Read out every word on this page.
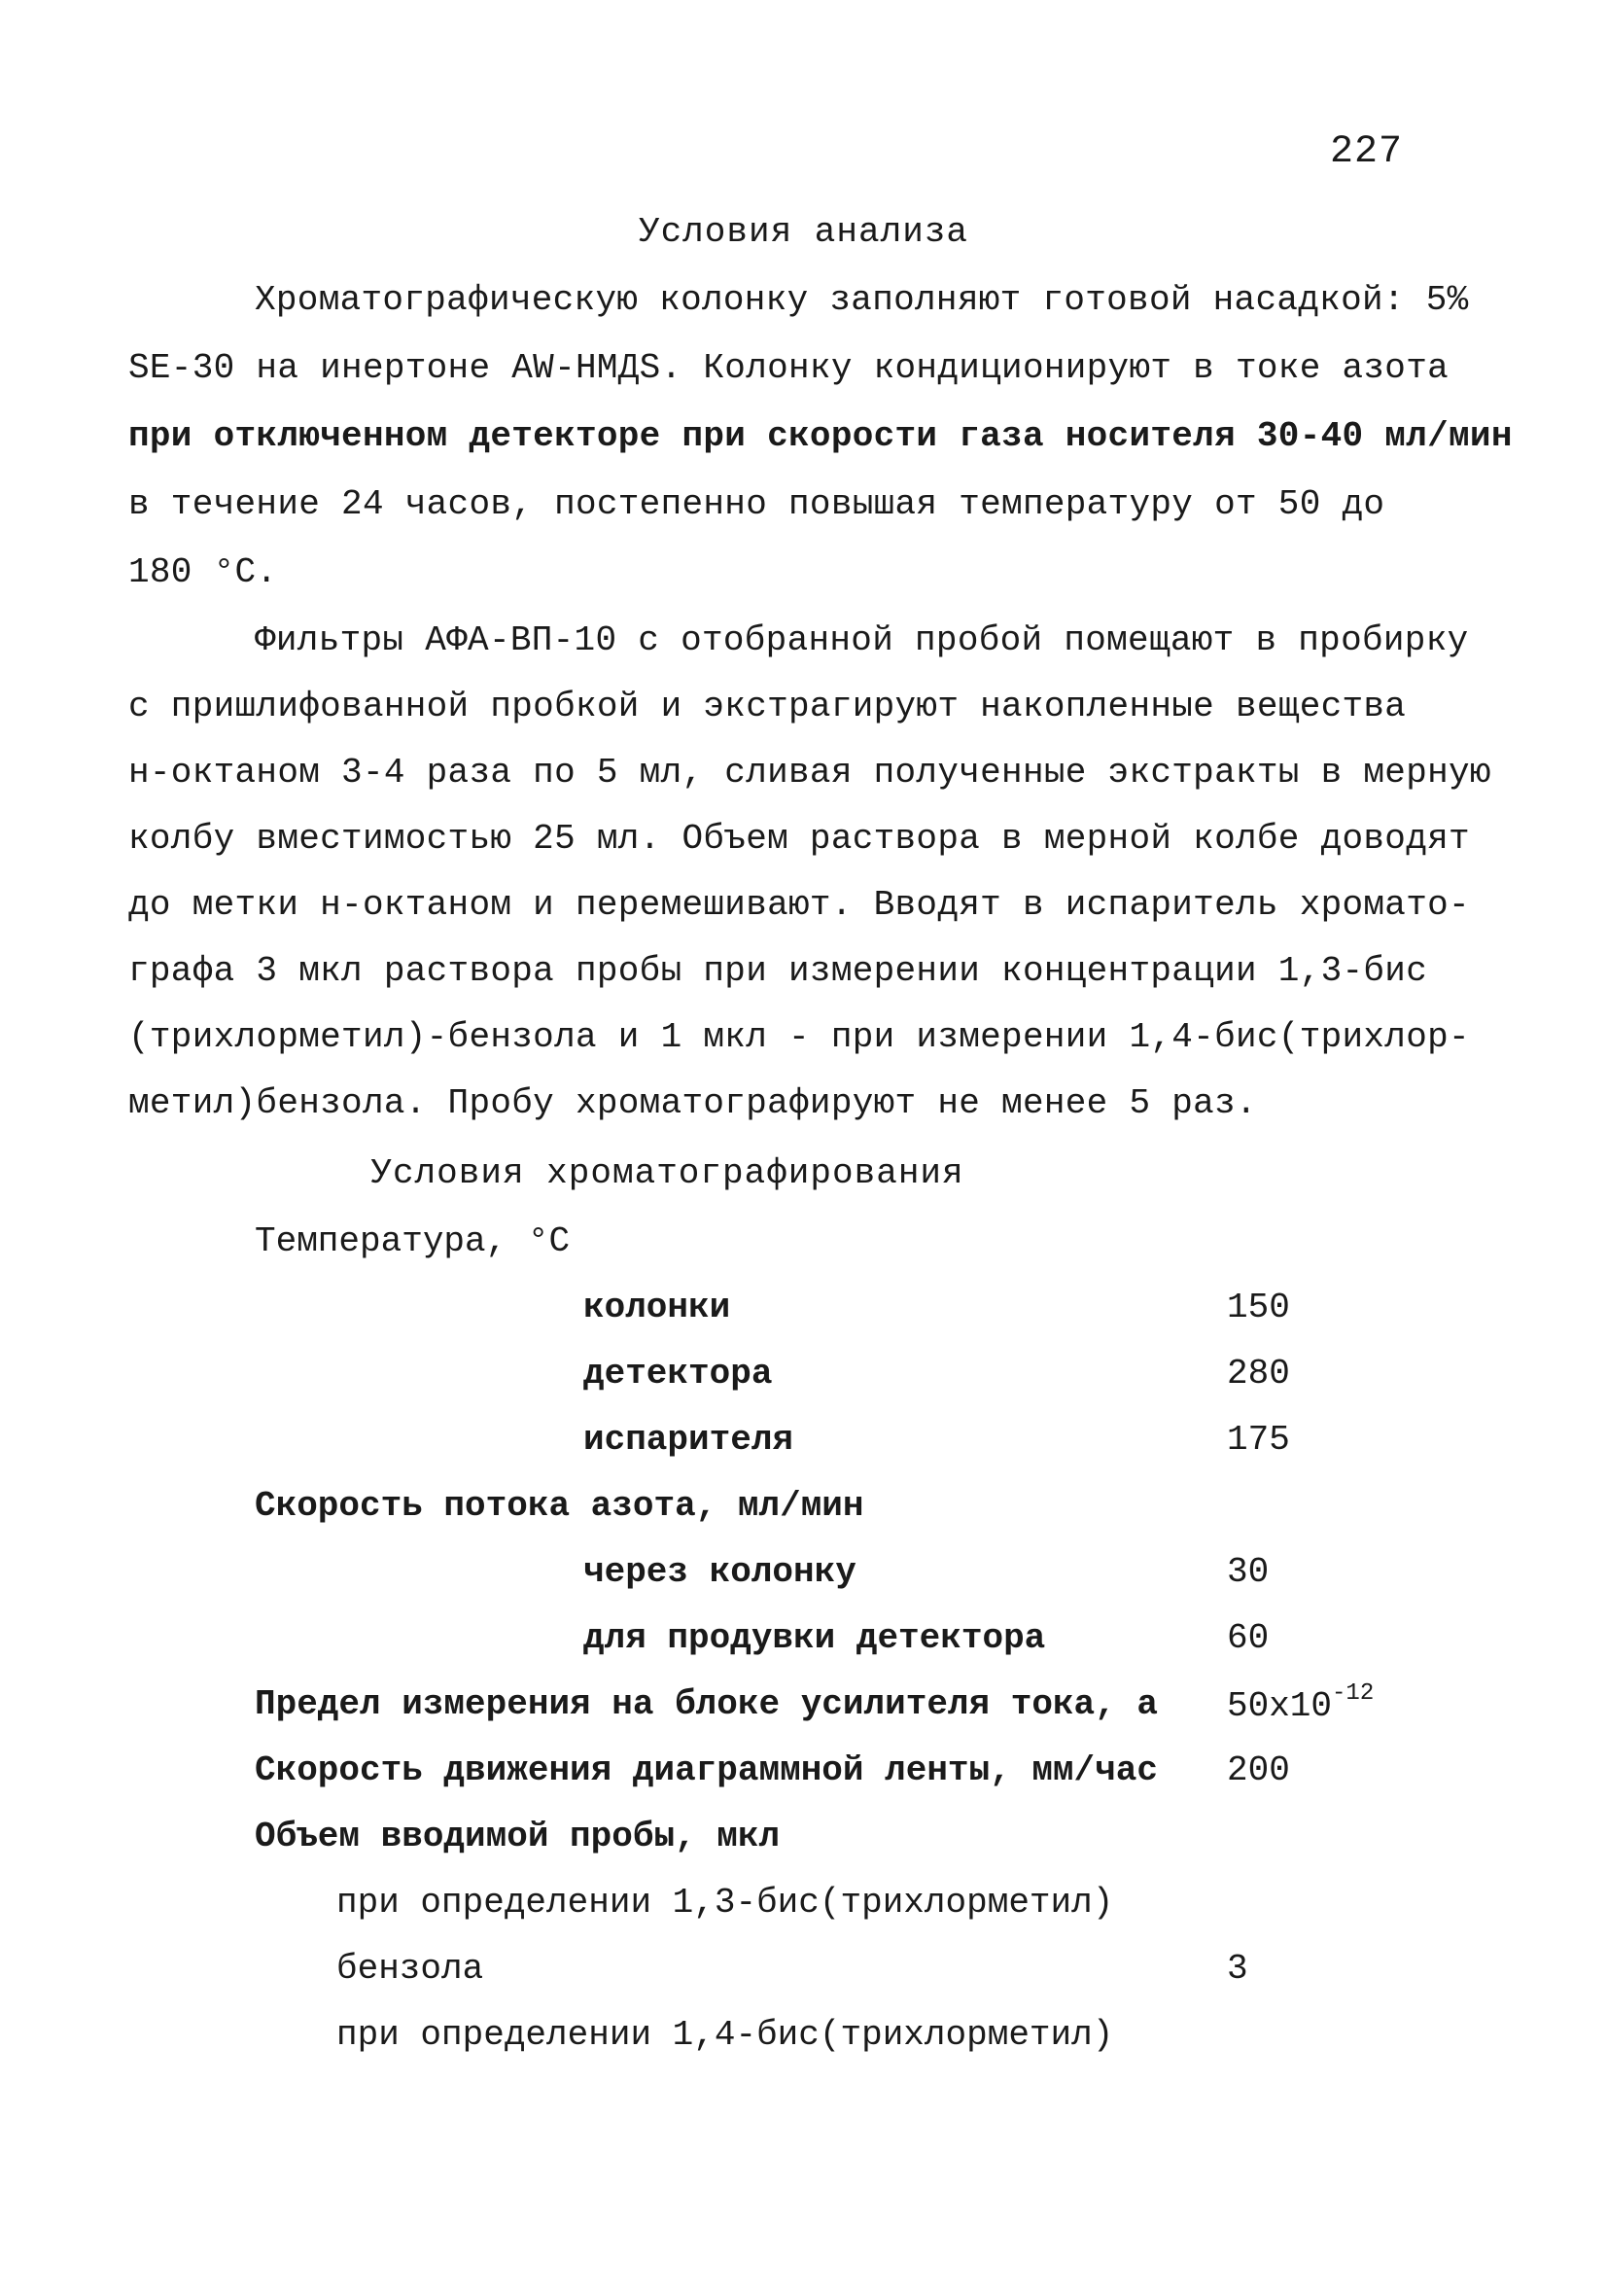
227
Условия анализа
Хроматографическую колонку заполняют готовой насадкой: 5%
SE-30 на инертоне AW-HMДS. Колонку кондиционируют в токе азота
при отключенном детекторе при скорости газа носителя 30-40 мл/мин
в течение 24 часов, постепенно повышая температуру от 50 до
180 °С.
Фильтры АФА-ВП-10 с отобранной пробой помещают в пробирку
с пришлифованной пробкой и экстрагируют накопленные вещества
н-октаном 3-4 раза по 5 мл, сливая полученные экстракты в мерную
колбу вместимостью 25 мл. Объем раствора в мерной колбе доводят
до метки н-октаном и перемешивают. Вводят в испаритель хромато-
графа 3 мкл раствора пробы при измерении концентрации 1,3-бис
(трихлорметил)-бензола и 1 мкл - при измерении 1,4-бис(трихлор-
метил)бензола. Пробу хроматографируют не менее 5 раз.
Условия хроматографирования
Температура, °С
колонки	150
детектора	280
испарителя	175
Скорость потока азота, мл/мин
через колонку	30
для продувки детектора	60
Предел измерения на блоке усилителя тока, а $50x10^{-12}$
Скорость движения диаграммной ленты, мм/час 200
Объем вводимой пробы, мкл
при определении 1,3-бис(трихлорметил)
бензола	3
при определении 1,4-бис(трихлорметил)
